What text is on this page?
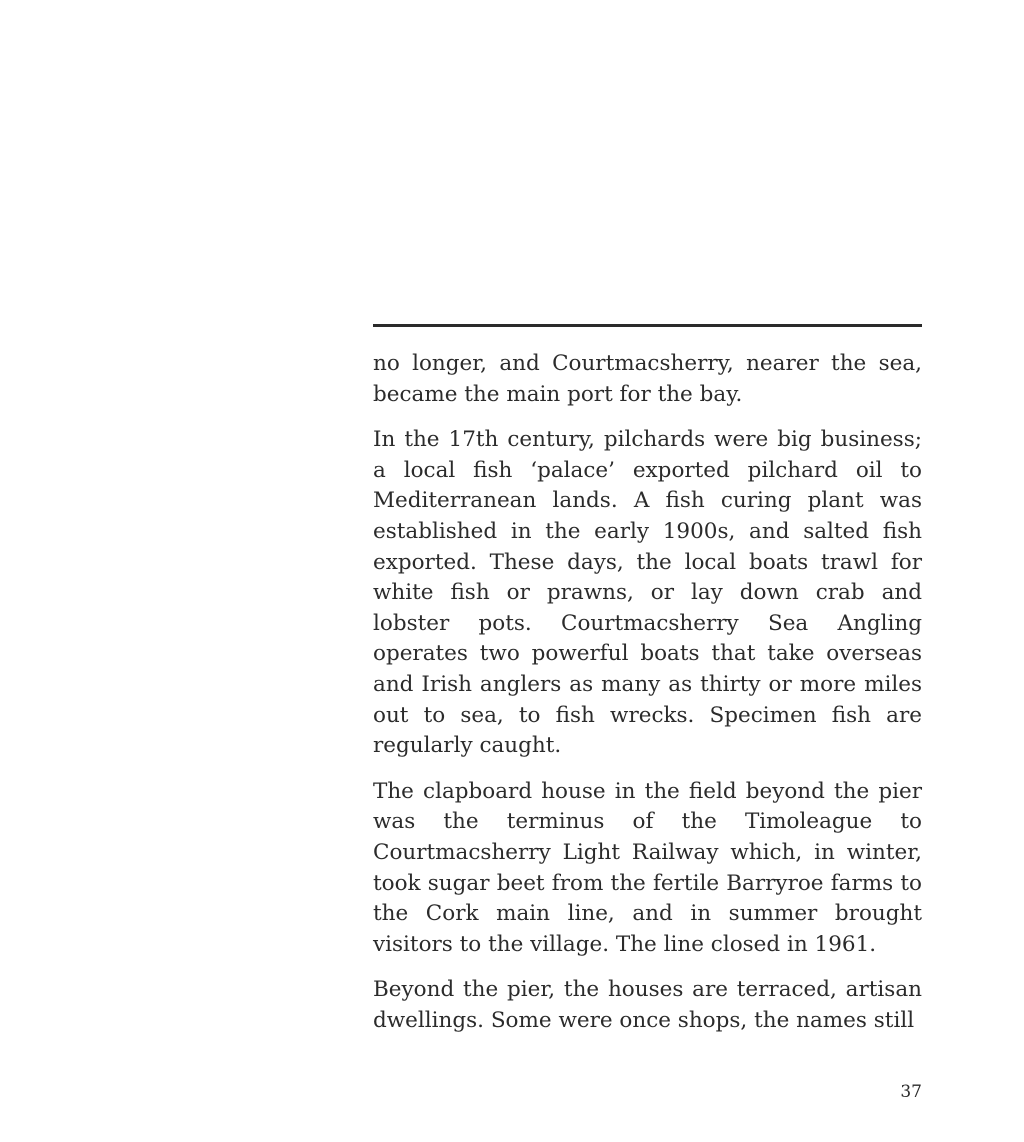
no longer, and Courtmacsherry, nearer the sea, became the main port for the bay.

In the 17th century, pilchards were big business; a local fish ‘palace’ exported pilchard oil to Mediterranean lands. A fish curing plant was established in the early 1900s, and salted fish exported. These days, the local boats trawl for white fish or prawns, or lay down crab and lobster pots. Courtmacsherry Sea Angling operates two powerful boats that take overseas and Irish anglers as many as thirty or more miles out to sea, to fish wrecks. Specimen fish are regularly caught.

The clapboard house in the field beyond the pier was the terminus of the Timoleague to Courtmacsherry Light Railway which, in winter, took sugar beet from the fertile Barryroe farms to the Cork main line, and in summer brought visitors to the village. The line closed in 1961.

Beyond the pier, the houses are terraced, artisan dwellings. Some were once shops, the names still

37
